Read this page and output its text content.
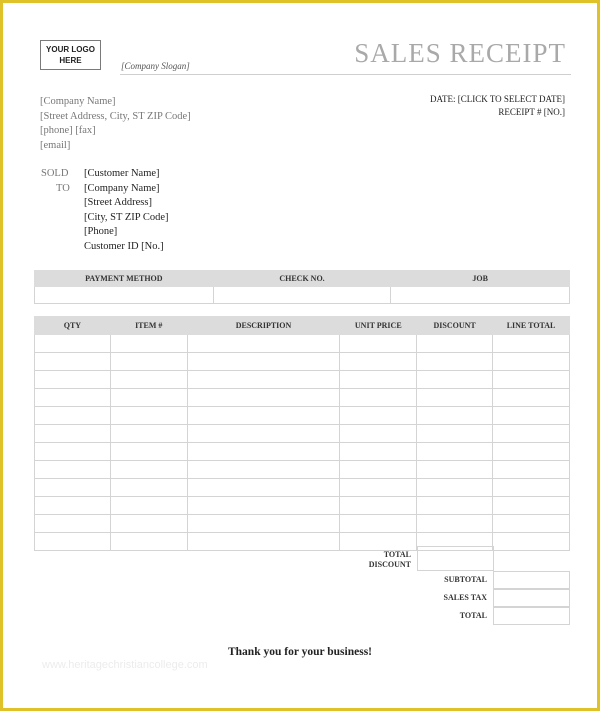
YOUR LOGO
HERE
[Company Slogan]	SALES RECEIPT
[Company Name]
[Street Address, City, ST ZIP Code]
[phone] [fax]
[email]
DATE: [CLICK TO SELECT DATE]
RECEIPT # [NO.]
SOLD
TO
[Customer Name]
[Company Name]
[Street Address]
[City, ST ZIP Code]
[Phone]
Customer ID [No.]
PAYMENT METHOD	CHECK NO.	JOB

QTY	ITEM #	DESCRIPTION	UNIT PRICE	DISCOUNT	LINE TOTAL

TOTAL
DISCOUNT
SUBTOTAL
SALES TAX
TOTAL
www.heritagechristiancollege.com
Thank you for your business!
